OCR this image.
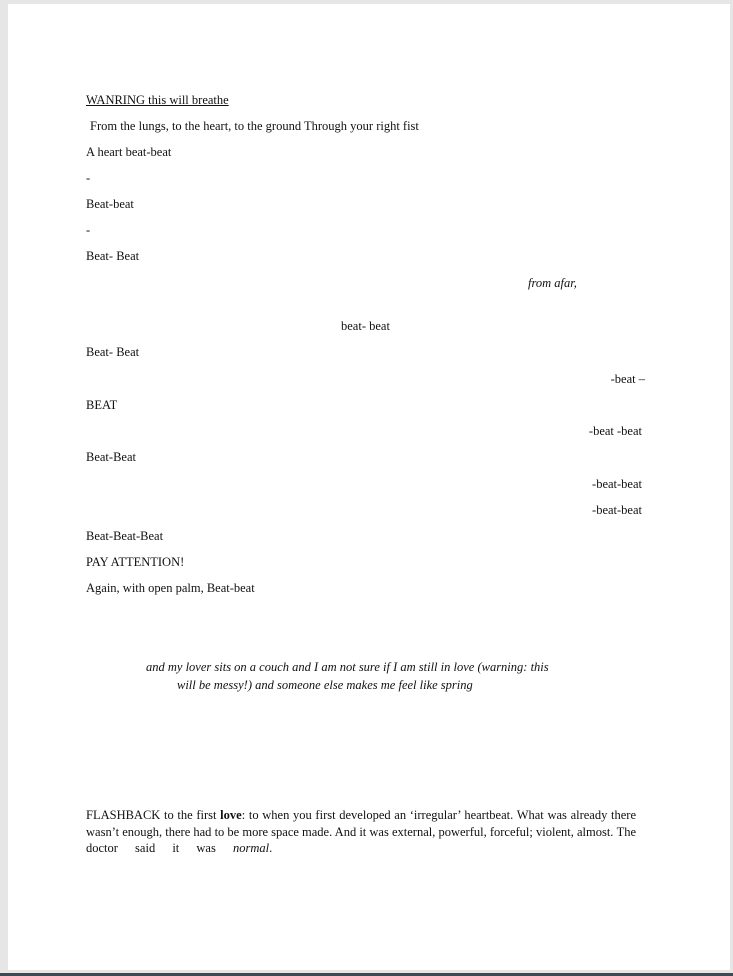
WANRING this will breathe
From the lungs, to the heart, to the ground Through your right fist
A heart beat-beat
-
Beat-beat
-
Beat- Beat
from afar,
beat- beat
Beat- Beat
-beat –
BEAT
-beat -beat
Beat-Beat
-beat-beat
-beat-beat
Beat-Beat-Beat
PAY ATTENTION!
Again, with open palm, Beat-beat
and my lover sits on a couch and I am not sure if I am still in love (warning: this
will be messy!) and someone else makes me feel like spring
FLASHBACK to the first love: to when you first developed an ‘irregular’ heartbeat. What was already there wasn’t enough, there had to be more space made. And it was external, powerful, forceful; violent, almost. The doctor said it was normal.
